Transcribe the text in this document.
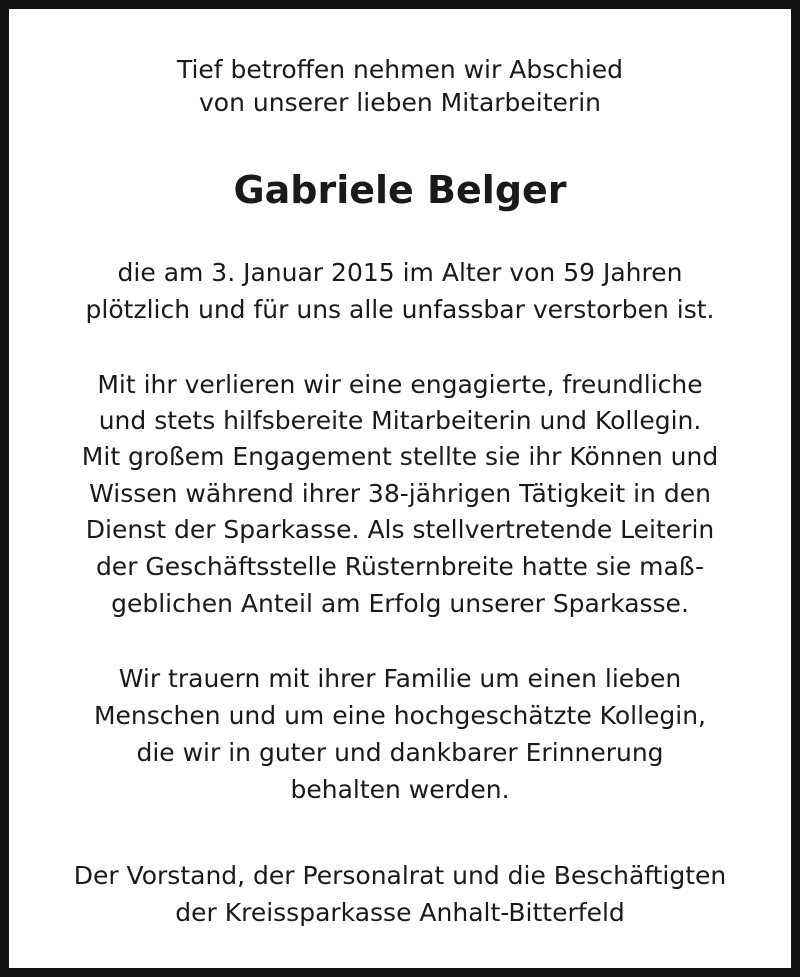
Tief betroffen nehmen wir Abschied
von unserer lieben Mitarbeiterin
Gabriele Belger
die am 3. Januar 2015 im Alter von 59 Jahren
plötzlich und für uns alle unfassbar verstorben ist.
Mit ihr verlieren wir eine engagierte, freundliche
und stets hilfsbereite Mitarbeiterin und Kollegin.
Mit großem Engagement stellte sie ihr Können und
Wissen während ihrer 38-jährigen Tätigkeit in den
Dienst der Sparkasse. Als stellvertretende Leiterin
der Geschäftsstelle Rüsternbreite hatte sie maß-
geblichen Anteil am Erfolg unserer Sparkasse.
Wir trauern mit ihrer Familie um einen lieben
Menschen und um eine hochgeschätzte Kollegin,
die wir in guter und dankbarer Erinnerung
behalten werden.
Der Vorstand, der Personalrat und die Beschäftigten
der Kreissparkasse Anhalt-Bitterfeld
